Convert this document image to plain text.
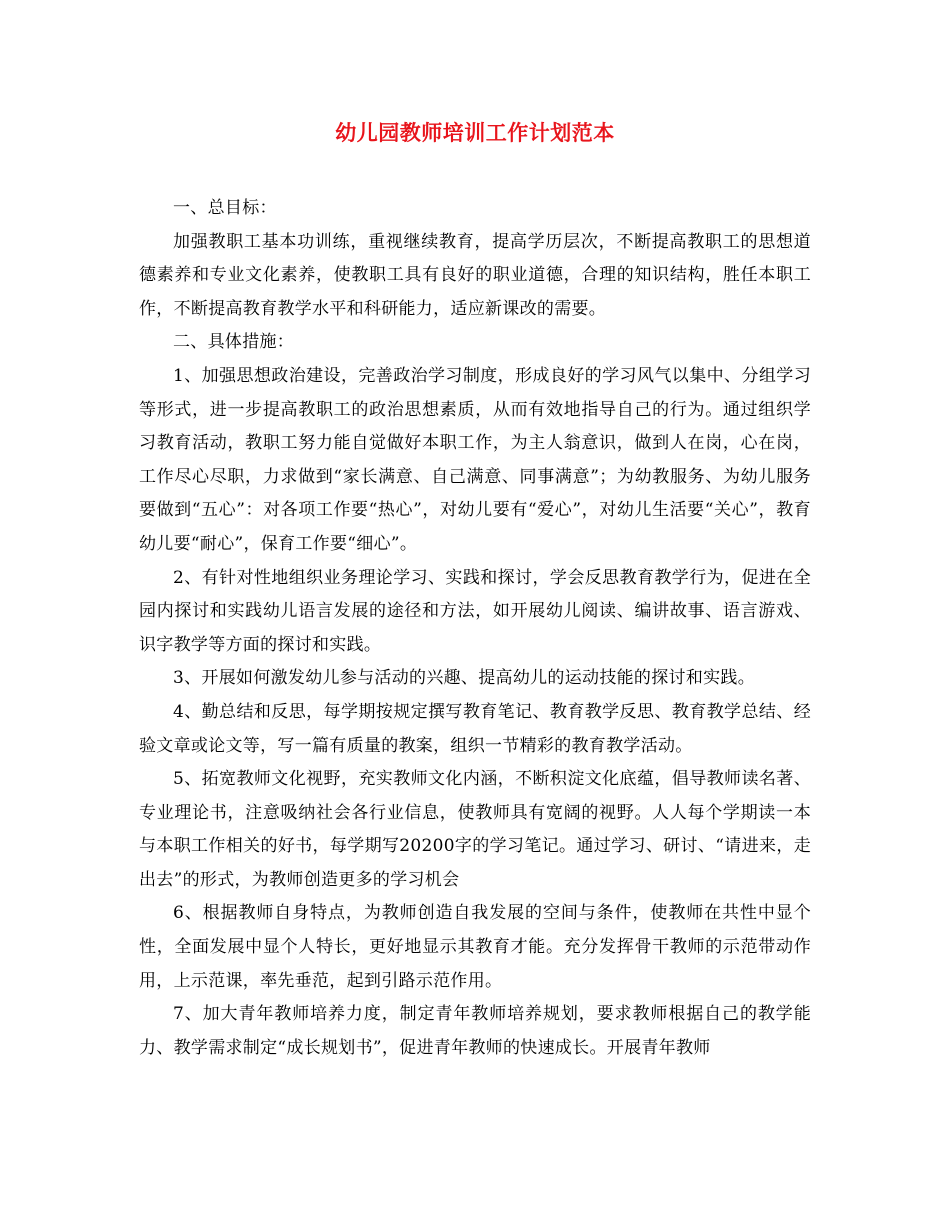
幼儿园教师培训工作计划范本

一、总目标：

加强教职工基本功训练，重视继续教育，提高学历层次，不断提高教职工的思想道德素养和专业文化素养，使教职工具有良好的职业道德，合理的知识结构，胜任本职工作，不断提高教育教学水平和科研能力，适应新课改的需要。

二、具体措施：

1、加强思想政治建设，完善政治学习制度，形成良好的学习风气以集中、分组学习等形式，进一步提高教职工的政治思想素质，从而有效地指导自己的行为。通过组织学习教育活动，教职工努力能自觉做好本职工作，为主人翁意识，做到人在岗，心在岗，工作尽心尽职，力求做到“家长满意、自己满意、同事满意”；为幼教服务、为幼儿服务要做到“五心”：对各项工作要“热心”，对幼儿要有“爱心”，对幼儿生活要“关心”，教育幼儿要“耐心”，保育工作要“细心”。

2、有针对性地组织业务理论学习、实践和探讨，学会反思教育教学行为，促进在全园内探讨和实践幼儿语言发展的途径和方法，如开展幼儿阅读、编讲故事、语言游戏、识字教学等方面的探讨和实践。

3、开展如何激发幼儿参与活动的兴趣、提高幼儿的运动技能的探讨和实践。

4、勤总结和反思，每学期按规定撰写教育笔记、教育教学反思、教育教学总结、经验文章或论文等，写一篇有质量的教案，组织一节精彩的教育教学活动。

5、拓宽教师文化视野，充实教师文化内涵，不断积淀文化底蕴，倡导教师读名著、专业理论书，注意吸纳社会各行业信息，使教师具有宽阔的视野。人人每个学期读一本与本职工作相关的好书，每学期写20200字的学习笔记。通过学习、研讨、“请进来，走出去”的形式，为教师创造更多的学习机会

6、根据教师自身特点，为教师创造自我发展的空间与条件，使教师在共性中显个性，全面发展中显个人特长，更好地显示其教育才能。充分发挥骨干教师的示范带动作用，上示范课，率先垂范，起到引路示范作用。

7、加大青年教师培养力度，制定青年教师培养规划，要求教师根据自己的教学能力、教学需求制定“成长规划书”，促进青年教师的快速成长。开展青年教师
